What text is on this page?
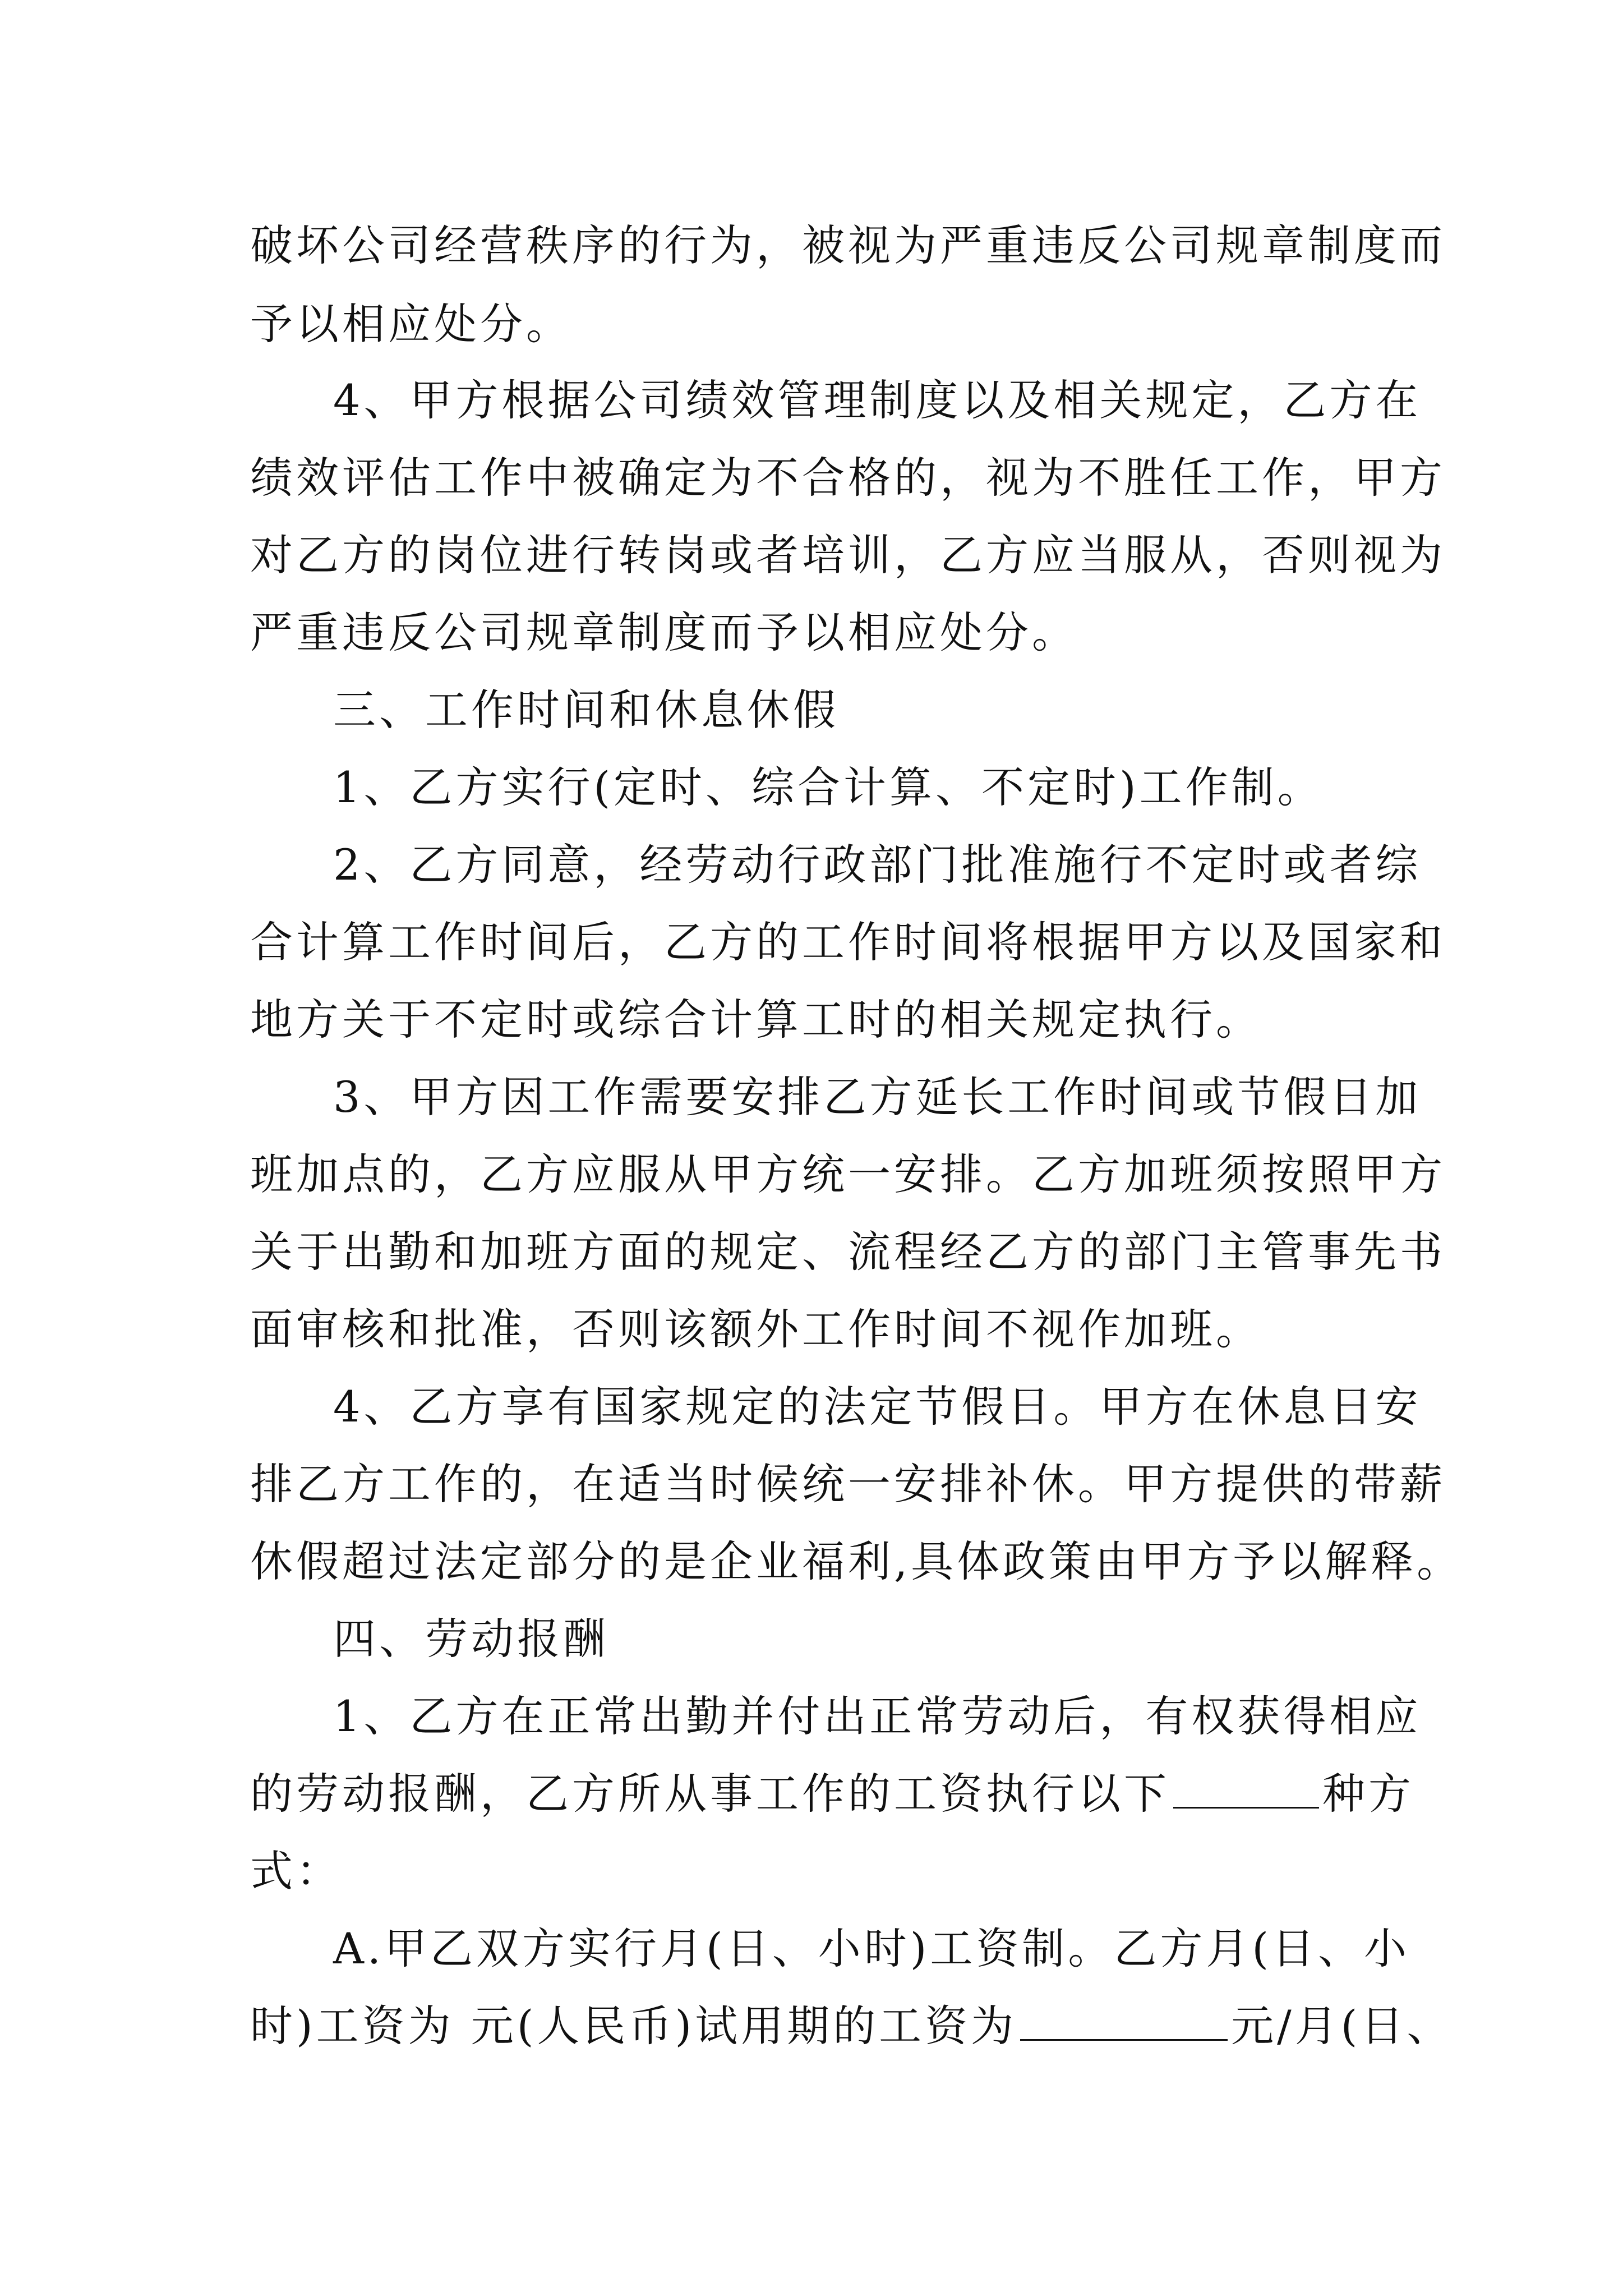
破坏公司经营秩序的行为，被视为严重违反公司规章制度而
予以相应处分。
4、甲方根据公司绩效管理制度以及相关规定，乙方在
绩效评估工作中被确定为不合格的，视为不胜任工作，甲方
对乙方的岗位进行转岗或者培训，乙方应当服从，否则视为
严重违反公司规章制度而予以相应处分。
三、工作时间和休息休假
1、乙方实行(定时、综合计算、不定时)工作制。
2、乙方同意，经劳动行政部门批准施行不定时或者综
合计算工作时间后，乙方的工作时间将根据甲方以及国家和
地方关于不定时或综合计算工时的相关规定执行。
3、甲方因工作需要安排乙方延长工作时间或节假日加
班加点的，乙方应服从甲方统一安排。乙方加班须按照甲方
关于出勤和加班方面的规定、流程经乙方的部门主管事先书
面审核和批准，否则该额外工作时间不视作加班。
4、乙方享有国家规定的法定节假日。甲方在休息日安
排乙方工作的，在适当时候统一安排补休。甲方提供的带薪
休假超过法定部分的是企业福利,具体政策由甲方予以解释。
四、劳动报酬
1、乙方在正常出勤并付出正常劳动后，有权获得相应
的劳动报酬，乙方所从事工作的工资执行以下	种方
式：
A.甲乙双方实行月(日、小时)工资制。乙方月(日、小
时)工资为 元(人民币)试用期的工资为	元/月(日、
